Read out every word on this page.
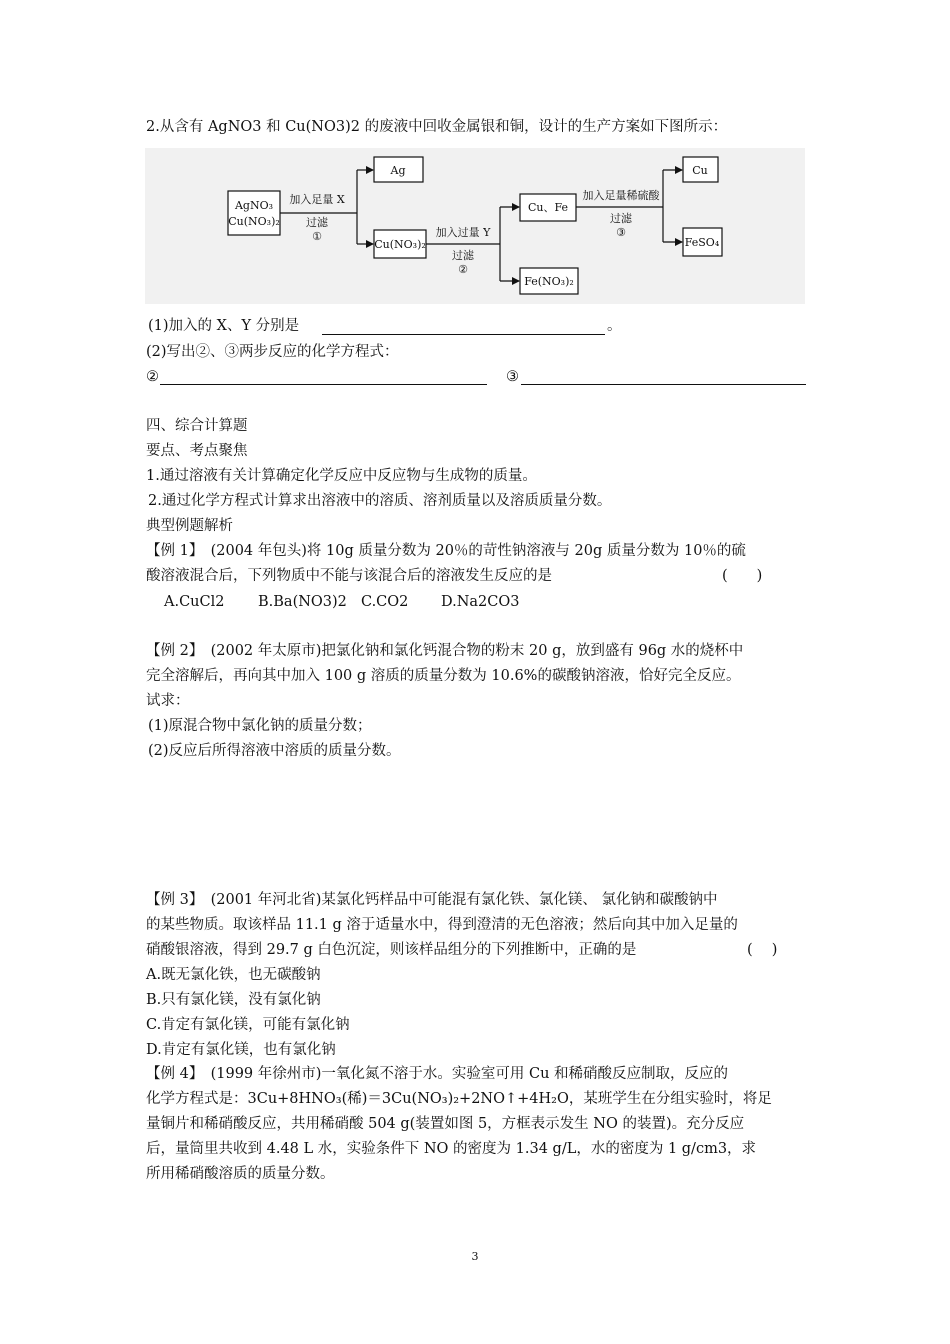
2.从含有 AgNO3 和 Cu(NO3)2 的废液中回收金属银和铜，设计的生产方案如下图所示：
AgNO₃
Cu(NO₃)₂
Ag
Cu(NO₃)₂
Cu、Fe
Fe(NO₃)₂
Cu
FeSO₄
加入足量 X
过滤
①	加入过量 Y
过滤
②
加入足量稀硫酸
过滤
③
(1)加入的 X、Y 分别是	。
(2)写出②、③两步反应的化学方程式：
②	③
四、综合计算题
要点、考点聚焦
1.通过溶液有关计算确定化学反应中反应物与生成物的质量。
2.通过化学方程式计算求出溶液中的溶质、溶剂质量以及溶质质量分数。
典型例题解析
【例 1】　(2004 年包头)将 10g 质量分数为 20％的苛性钠溶液与 20g 质量分数为 10％的硫
酸溶液混合后，下列物质中不能与该混合后的溶液发生反应的是	(　　)
A.CuCl2 B.Ba(NO3)2 C.CO2 D.Na2CO3
【例 2】　(2002 年太原市)把氯化钠和氯化钙混合物的粉末 20 g，放到盛有 96g 水的烧杯中
完全溶解后，再向其中加入 100 g 溶质的质量分数为 10.6%的碳酸钠溶液，恰好完全反应。
试求：
(1)原混合物中氯化钠的质量分数；
(2)反应后所得溶液中溶质的质量分数。
【例 3】　(2001 年河北省)某氯化钙样品中可能混有氯化铁、氯化镁、 氯化钠和碳酸钠中
的某些物质。取该样品 11.1 g 溶于适量水中，得到澄清的无色溶液；然后向其中加入足量的
硝酸银溶液，得到 29.7 g 白色沉淀，则该样品组分的下列推断中，正确的是	(　 )
A.既无氯化铁，也无碳酸钠
B.只有氯化镁，没有氯化钠
C.肯定有氯化镁，可能有氯化钠
D.肯定有氯化镁，也有氯化钠
【例 4】　(1999 年徐州市)一氧化氮不溶于水。实验室可用 Cu 和稀硝酸反应制取，反应的
化学方程式是：3Cu+8HNO₃(稀)＝3Cu(NO₃)₂+2NO↑+4H₂O，某班学生在分组实验时，将足
量铜片和稀硝酸反应，共用稀硝酸 504 g(装置如图 5，方框表示发生 NO 的装置)。充分反应
后，量筒里共收到 4.48 L 水，实验条件下 NO 的密度为 1.34 g/L，水的密度为 1 g/cm3，求
所用稀硝酸溶质的质量分数。
3
